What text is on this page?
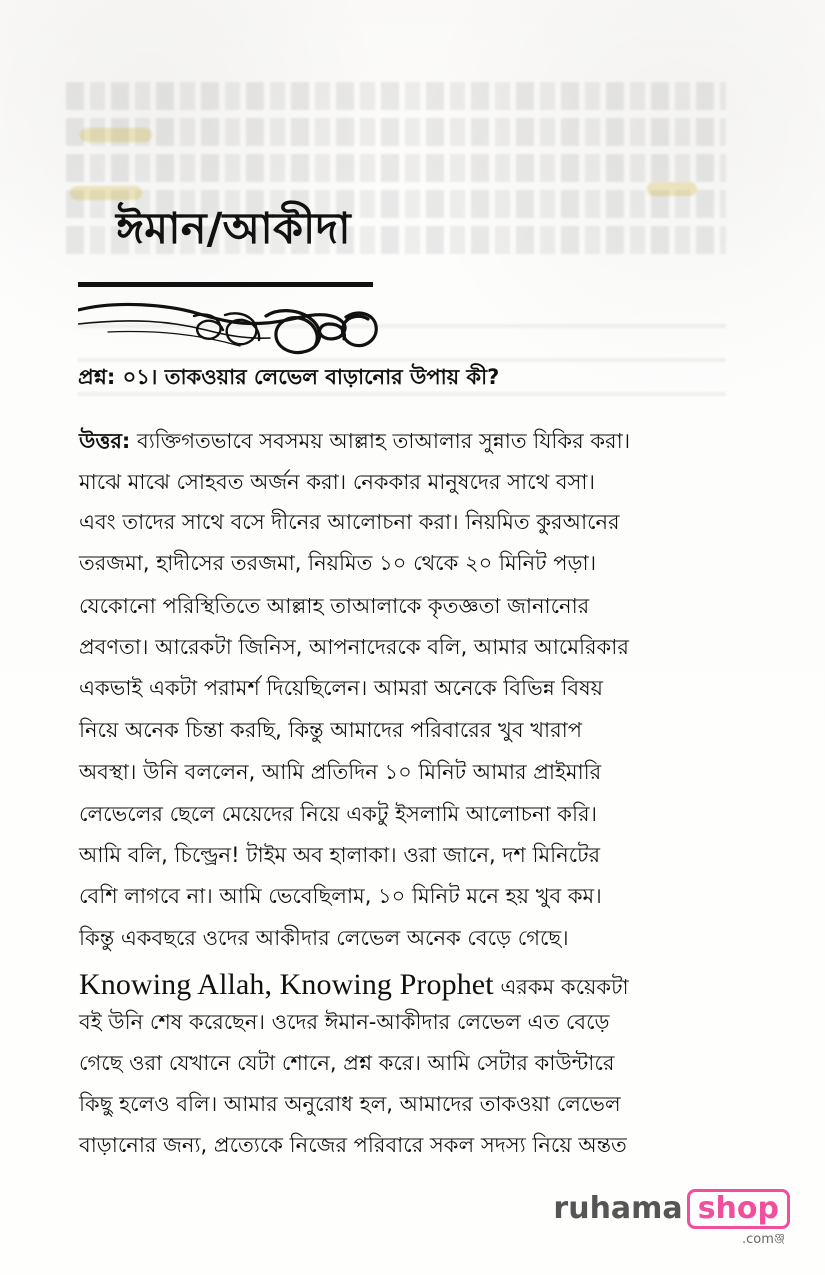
ঈমান/আকীদা
প্রশ্ন: ০১। তাকওয়ার লেভেল বাড়ানোর উপায় কী?
উত্তর: ব্যক্তিগতভাবে সবসময় আল্লাহ তাআলার সুন্নাত যিকির করা।
মাঝে মাঝে সোহবত অর্জন করা। নেককার মানুষদের সাথে বসা।
এবং তাদের সাথে বসে দীনের আলোচনা করা। নিয়মিত কুরআনের
তরজমা, হাদীসের তরজমা, নিয়মিত ১০ থেকে ২০ মিনিট পড়া।
যেকোনো পরিস্থিতিতে আল্লাহ তাআলাকে কৃতজ্ঞতা জানানোর
প্রবণতা। আরেকটা জিনিস, আপনাদেরকে বলি, আমার আমেরিকার
একভাই একটা পরামর্শ দিয়েছিলেন। আমরা অনেকে বিভিন্ন বিষয়
নিয়ে অনেক চিন্তা করছি, কিন্তু আমাদের পরিবারের খুব খারাপ
অবস্থা। উনি বললেন, আমি প্রতিদিন ১০ মিনিট আমার প্রাইমারি
লেভেলের ছেলে মেয়েদের নিয়ে একটু ইসলামি আলোচনা করি।
আমি বলি, চিল্ড্রেন! টাইম অব হালাকা। ওরা জানে, দশ মিনিটের
বেশি লাগবে না। আমি ভেবেছিলাম, ১০ মিনিট মনে হয় খুব কম।
কিন্তু একবছরে ওদের আকীদার লেভেল অনেক বেড়ে গেছে।
Knowing Allah, Knowing Prophet এরকম কয়েকটা
বই উনি শেষ করেছেন। ওদের ঈমান-আকীদার লেভেল এত বেড়ে
গেছে ওরা যেখানে যেটা শোনে, প্রশ্ন করে। আমি সেটার কাউন্টারে
কিছু হলেও বলি। আমার অনুরোধ হল, আমাদের তাকওয়া লেভেল
বাড়ানোর জন্য, প্রত্যেকে নিজের পরিবারে সকল সদস্য নিয়ে অন্তত
ruhama shop
.comঞ্জ
